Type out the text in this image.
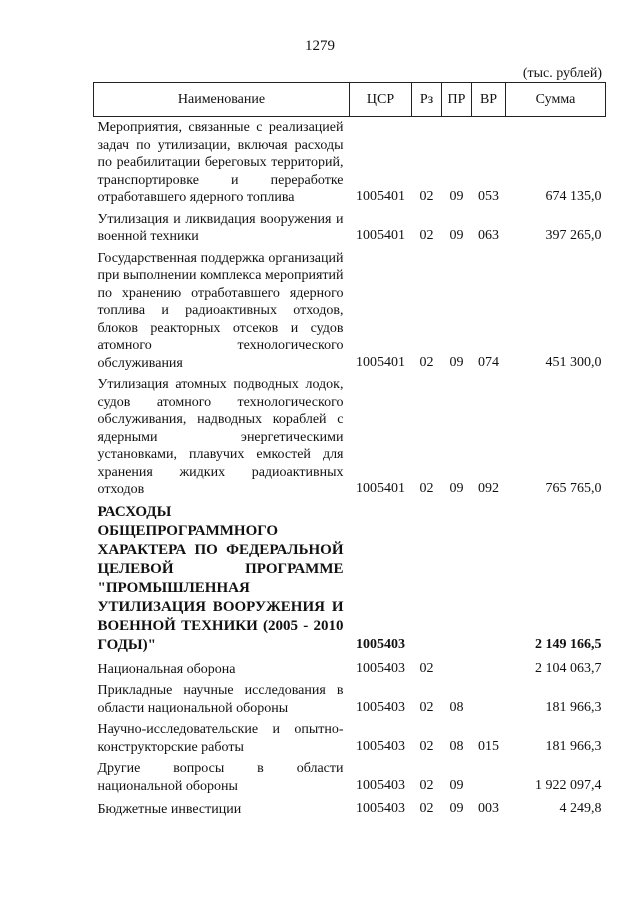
1279
(тыс. рублей)
Наименование	ЦСР	Рз	ПР	ВР	Сумма
Мероприятия, связанные с реализацией задач по утилизации, включая расходы по реабилитации береговых территорий, транспортировке и переработке отработавшего ядерного топлива	1005401	02	09	053	674 135,0
Утилизация и ликвидация вооружения и военной техники	1005401	02	09	063	397 265,0
Государственная поддержка организаций при выполнении комплекса мероприятий по хранению отработавшего ядерного топлива и радиоактивных отходов, блоков реакторных отсеков и судов атомного технологического обслуживания	1005401	02	09	074	451 300,0
Утилизация атомных подводных лодок, судов атомного технологического обслуживания, надводных кораблей с ядерными энергетическими установками, плавучих емкостей для хранения жидких радиоактивных отходов	1005401	02	09	092	765 765,0
РАСХОДЫ ОБЩЕПРОГРАММНОГО ХАРАКТЕРА ПО ФЕДЕРАЛЬНОЙ ЦЕЛЕВОЙ ПРОГРАММЕ "ПРОМЫШЛЕННАЯ УТИЛИЗАЦИЯ ВООРУЖЕНИЯ И ВОЕННОЙ ТЕХНИКИ (2005 - 2010 ГОДЫ)"	1005403				2 149 166,5
Национальная оборона	1005403	02			2 104 063,7
Прикладные научные исследования в области национальной обороны	1005403	02	08		181 966,3
Научно-исследовательские и опытно-конструкторские работы	1005403	02	08	015	181 966,3
Другие вопросы в области национальной обороны	1005403	02	09		1 922 097,4
Бюджетные инвестиции	1005403	02	09	003	4 249,8
